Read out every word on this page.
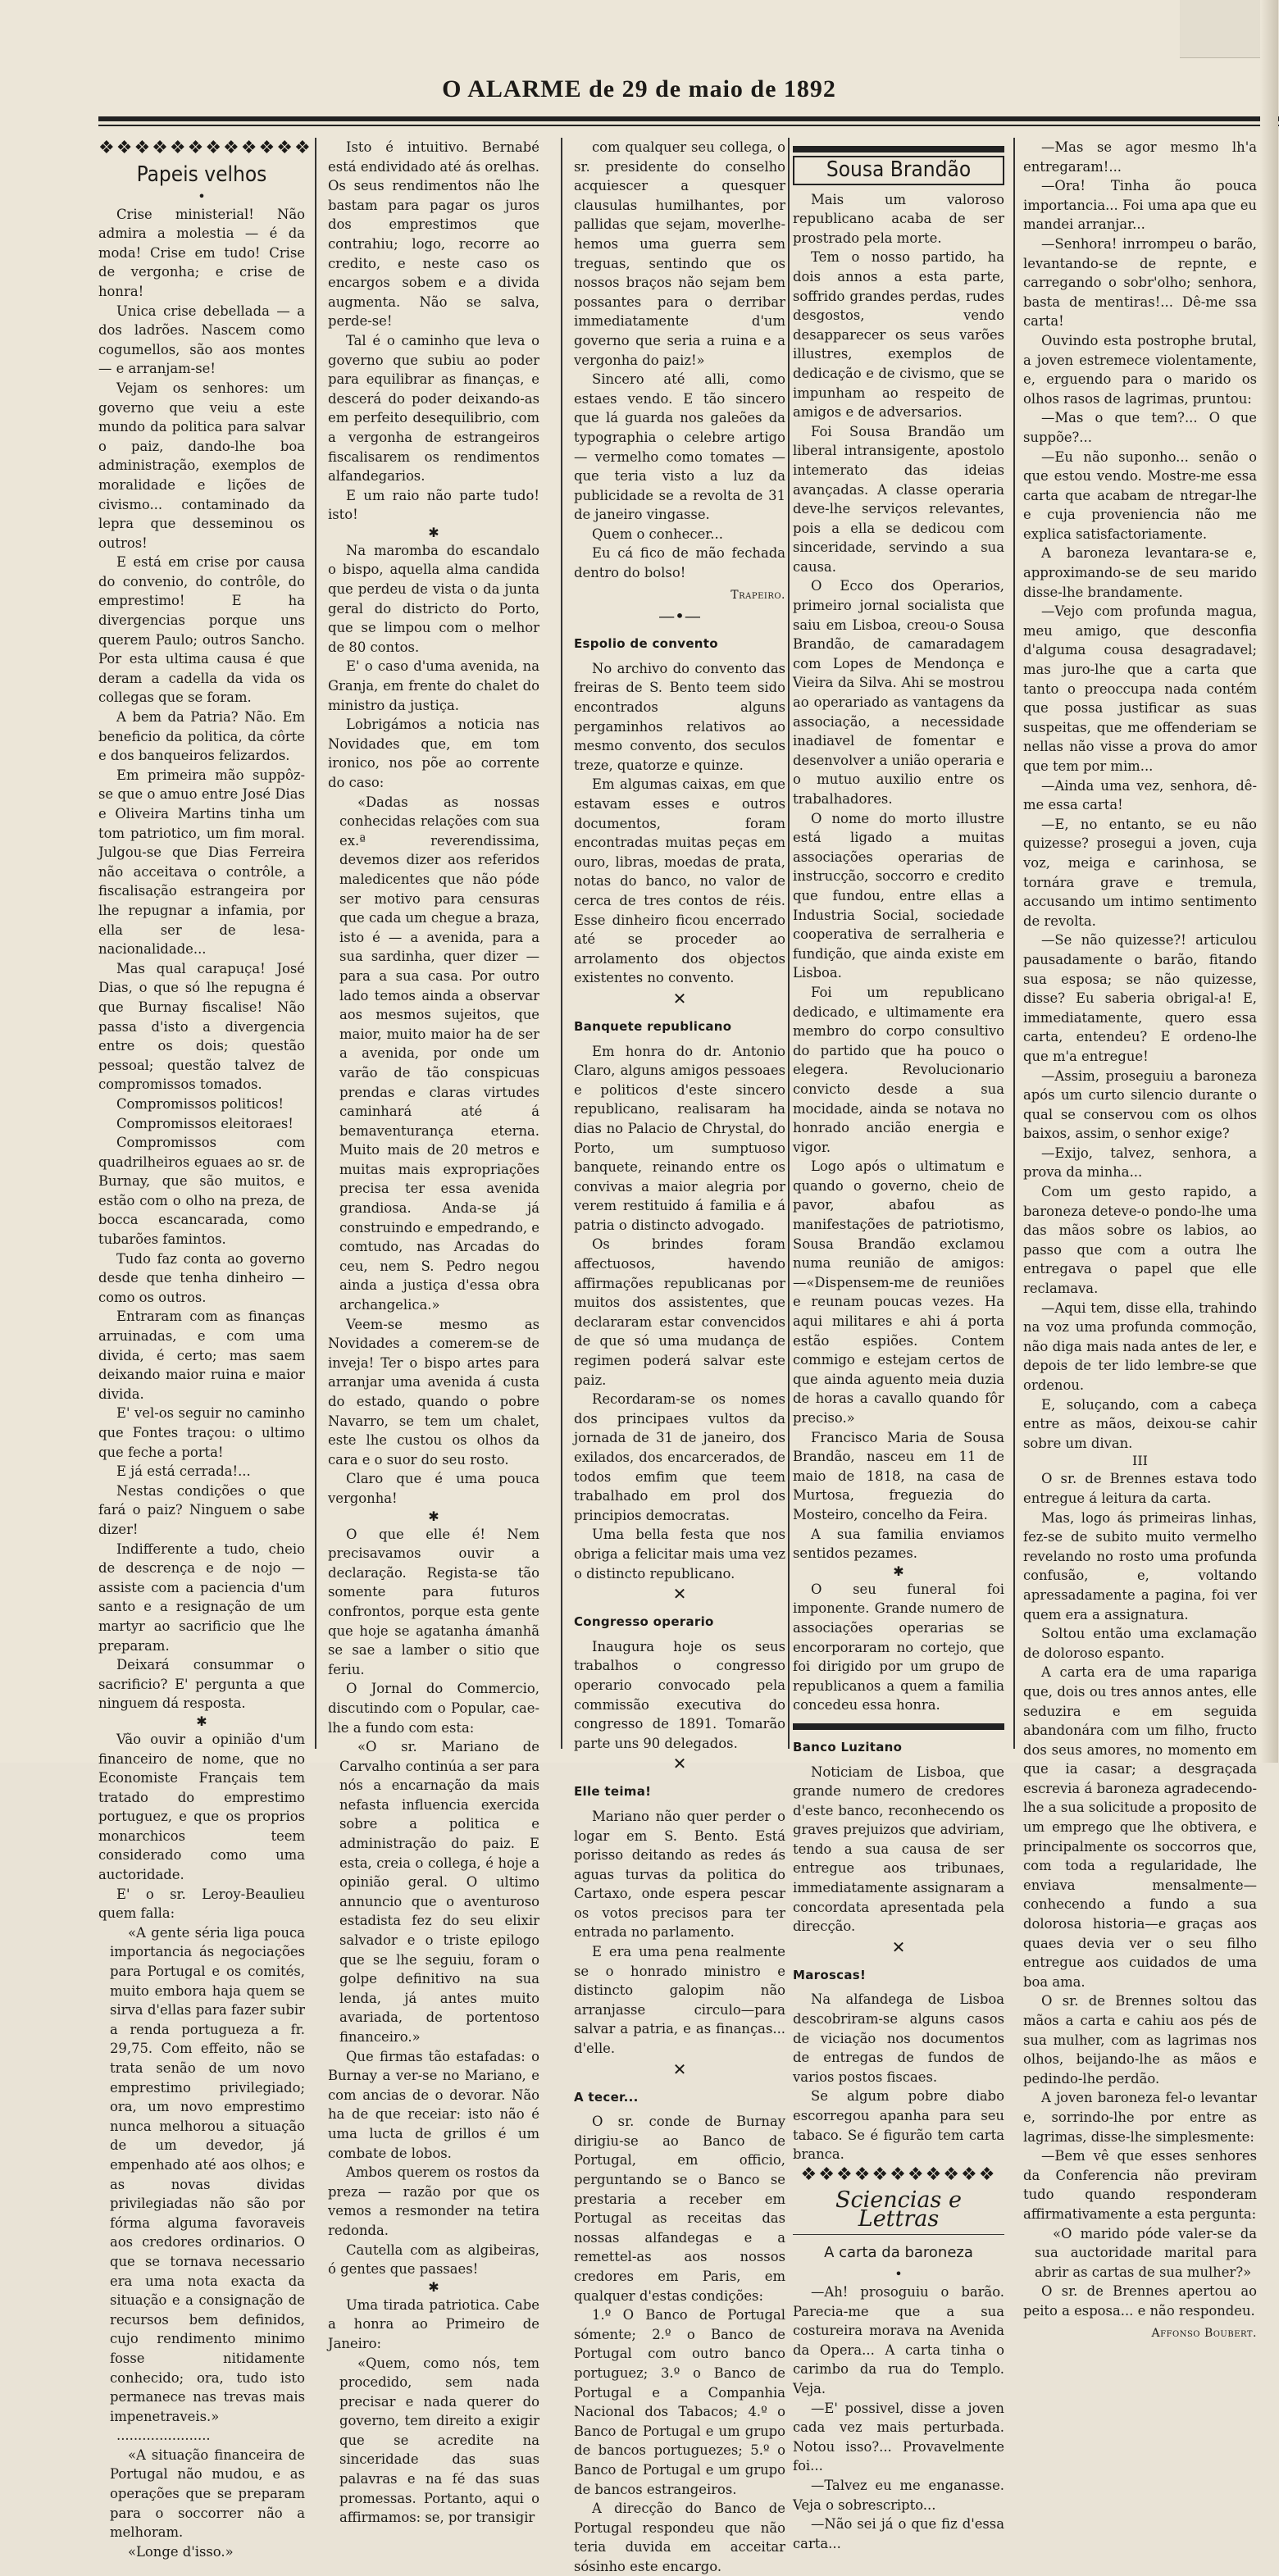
O ALARME de 29 de maio de 1892
❖❖❖❖❖❖❖❖❖❖❖❖
Papeis velhos
•

Crise ministerial! Não admira a molestia — é da moda! Crise em tudo! Crise de vergonha; e crise de honra!

Unica crise debellada — a dos ladrões. Nascem como cogumellos, são aos montes — e arranjam-se!

Vejam os senhores: um governo que veiu a este mundo da politica para salvar o paiz, dando-lhe boa administração, exemplos de moralidade e lições de civismo... contaminado da lepra que desseminou os outros!

E está em crise por causa do convenio, do contrôle, do emprestimo! E ha divergencias porque uns querem Paulo; outros Sancho. Por esta ultima causa é que deram a cadella da vida os collegas que se foram.

A bem da Patria? Não. Em beneficio da politica, da côrte e dos banqueiros felizardos.

Em primeira mão suppôz-se que o amuo entre José Dias e Oliveira Martins tinha um tom patriotico, um fim moral. Julgou-se que Dias Ferreira não acceitava o contrôle, a fiscalisação estrangeira por lhe repugnar a infamia, por ella ser de lesa-nacionalidade...

Mas qual carapuça! José Dias, o que só lhe repugna é que Burnay fiscalise! Não passa d'isto a divergencia entre os dois; questão pessoal; questão talvez de compromissos tomados.

Compromissos politicos!

Compromissos eleitoraes!

Compromissos com quadrilheiros eguaes ao sr. de Burnay, que são muitos, e estão com o olho na preza, de bocca escancarada, como tubarões famintos.

Tudo faz conta ao governo desde que tenha dinheiro — como os outros.

Entraram com as finanças arruinadas, e com uma divida, é certo; mas saem deixando maior ruina e maior divida.

E' vel-os seguir no caminho que Fontes traçou: o ultimo que feche a porta!

E já está cerrada!...

Nestas condições o que fará o paiz? Ninguem o sabe dizer!

Indifferente a tudo, cheio de descrença e de nojo — assiste com a paciencia d'um santo e a resignação de um martyr ao sacrificio que lhe preparam.

Deixará consummar o sacrificio? E' pergunta a que ninguem dá resposta.

✱

Vão ouvir a opinião d'um financeiro de nome, que no Economiste Français tem tratado do emprestimo portuguez, e que os proprios monarchicos teem considerado como uma auctoridade.

E' o sr. Leroy-Beaulieu quem falla:

«A gente séria liga pouca importancia ás negociações para Portugal e os comités, muito embora haja quem se sirva d'ellas para fazer subir a renda portugueza a fr. 29,75. Com effeito, não se trata senão de um novo emprestimo privilegiado; ora, um novo emprestimo nunca melhorou a situação de um devedor, já empenhado até aos olhos; e as novas dividas privilegiadas não são por fórma alguma favoraveis aos credores ordinarios. O que se tornava necessario era uma nota exacta da situação e a consignação de recursos bem definidos, cujo rendimento minimo fosse nitidamente conhecido; ora, tudo isto permanece nas trevas mais impenetraveis.»

......................

«A situação financeira de Portugal não mudou, e as operações que se preparam para o soccorrer não a melhoram.

«Longe d'isso.»

Isto é intuitivo. Bernabé está endividado até ás orelhas. Os seus rendimentos não lhe bastam para pagar os juros dos emprestimos que contrahiu; logo, recorre ao credito, e neste caso os encargos sobem e a divida augmenta. Não se salva, perde-se!

Tal é o caminho que leva o governo que subiu ao poder para equilibrar as finanças, e descerá do poder deixando-as em perfeito desequilibrio, com a vergonha de estrangeiros fiscalisarem os rendimentos alfandegarios.

E um raio não parte tudo! isto!

✱

Na maromba do escandalo o bispo, aquella alma candida que perdeu de vista o da junta geral do districto do Porto, que se limpou com o melhor de 80 contos.

E' o caso d'uma avenida, na Granja, em frente do chalet do ministro da justiça.

Lobrigámos a noticia nas Novidades que, em tom ironico, nos põe ao corrente do caso:

«Dadas as nossas conhecidas relações com sua ex.ª reverendissima, devemos dizer aos referidos maledicentes que não póde ser motivo para censuras que cada um chegue a braza, isto é — a avenida, para a sua sardinha, quer dizer — para a sua casa. Por outro lado temos ainda a observar aos mesmos sujeitos, que maior, muito maior ha de ser a avenida, por onde um varão de tão conspicuas prendas e claras virtudes caminhará até á bemaventurança eterna. Muito mais de 20 metros e muitas mais expropriações precisa ter essa avenida grandiosa. Anda-se já construindo e empedrando, e comtudo, nas Arcadas do ceu, nem S. Pedro negou ainda a justiça d'essa obra archangelica.»

Veem-se mesmo as Novidades a comerem-se de inveja! Ter o bispo artes para arranjar uma avenida á custa do estado, quando o pobre Navarro, se tem um chalet, este lhe custou os olhos da cara e o suor do seu rosto.

Claro que é uma pouca vergonha!

✱

O que elle é! Nem precisavamos ouvir a declaração. Regista-se tão somente para futuros confrontos, porque esta gente que hoje se agatanha ámanhã se sae a lamber o sitio que feriu.

O Jornal do Commercio, discutindo com o Popular, cae-lhe a fundo com esta:

«O sr. Mariano de Carvalho continúa a ser para nós a encarnação da mais nefasta influencia exercida sobre a politica e administração do paiz. E esta, creia o collega, é hoje a opinião geral. O ultimo annuncio que o aventuroso estadista fez do seu elixir salvador e o triste epilogo que se lhe seguiu, foram o golpe definitivo na sua lenda, já antes muito avariada, de portentoso financeiro.»

Que firmas tão estafadas: o Burnay a ver-se no Mariano, e com ancias de o devorar. Não ha de que receiar: isto não é uma lucta de grillos é um combate de lobos.

Ambos querem os rostos da preza — razão por que os vemos a resmonder na tetira redonda.

Cautella com as algibeiras, ó gentes que passaes!

✱

Uma tirada patriotica. Cabe a honra ao Primeiro de Janeiro:

«Quem, como nós, tem procedido, sem nada precisar e nada querer do governo, tem direito a exigir que se acredite na sinceridade das suas palavras e na fé das suas promessas. Portanto, aqui o affirmamos: se, por transigir

com qualquer seu collega, o sr. presidente do conselho acquiescer a quesquer clausulas humilhantes, por pallidas que sejam, moverlhe-hemos uma guerra sem treguas, sentindo que os nossos braços não sejam bem possantes para o derribar immediatamente d'um governo que seria a ruina e a vergonha do paiz!»

Sincero até alli, como estaes vendo. E tão sincero que lá guarda nos galeões da typographia o celebre artigo — vermelho como tomates — que teria visto a luz da publicidade se a revolta de 31 de janeiro vingasse.

Quem o conhecer...

Eu cá fico de mão fechada dentro do bolso!

Trapeiro.
—•—
Espolio de convento

No archivo do convento das freiras de S. Bento teem sido encontrados alguns pergaminhos relativos ao mesmo convento, dos seculos treze, quatorze e quinze.

Em algumas caixas, em que estavam esses e outros documentos, foram encontradas muitas peças em ouro, libras, moedas de prata, notas do banco, no valor de cerca de tres contos de réis. Esse dinheiro ficou encerrado até se proceder ao arrolamento dos objectos existentes no convento.

✕
Banquete republicano

Em honra do dr. Antonio Claro, alguns amigos pessoaes e politicos d'este sincero republicano, realisaram ha dias no Palacio de Chrystal, do Porto, um sumptuoso banquete, reinando entre os convivas a maior alegria por verem restituido á familia e á patria o distincto advogado.

Os brindes foram affectuosos, havendo affirmações republicanas por muitos dos assistentes, que declararam estar convencidos de que só uma mudança de regimen poderá salvar este paiz.

Recordaram-se os nomes dos principaes vultos da jornada de 31 de janeiro, dos exilados, dos encarcerados, de todos emfim que teem trabalhado em prol dos principios democratas.

Uma bella festa que nos obriga a felicitar mais uma vez o distincto republicano.

✕
Congresso operario

Inaugura hoje os seus trabalhos o congresso operario convocado pela commissão executiva do congresso de 1891. Tomarão parte uns 90 delegados.

✕
Elle teima!

Mariano não quer perder o logar em S. Bento. Está porisso deitando as redes ás aguas turvas da politica do Cartaxo, onde espera pescar os votos precisos para ter entrada no parlamento.

E era uma pena realmente se o honrado ministro e distincto galopim não arranjasse circulo—para salvar a patria, e as finanças... d'elle.

✕
A tecer...

O sr. conde de Burnay dirigiu-se ao Banco de Portugal, em officio, perguntando se o Banco se prestaria a receber em Portugal as receitas das nossas alfandegas e a remettel-as aos nossos credores em Paris, em qualquer d'estas condições:

1.º O Banco de Portugal sómente; 2.º o Banco de Portugal com outro banco portuguez; 3.º o Banco de Portugal e a Companhia Nacional dos Tabacos; 4.º o Banco de Portugal e um grupo de bancos portuguezes; 5.º o Banco de Portugal e um grupo de bancos estrangeiros.

A direcção do Banco de Portugal respondeu que não teria duvida em acceitar sósinho este encargo.

Sousa Brandão

Mais um valoroso republicano acaba de ser prostrado pela morte.

Tem o nosso partido, ha dois annos a esta parte, soffrido grandes perdas, rudes desgostos, vendo desapparecer os seus varões illustres, exemplos de dedicação e de civismo, que se impunham ao respeito de amigos e de adversarios.

Foi Sousa Brandão um liberal intransigente, apostolo intemerato das ideias avançadas. A classe operaria deve-lhe serviços relevantes, pois a ella se dedicou com sinceridade, servindo a sua causa.

O Ecco dos Operarios, primeiro jornal socialista que saiu em Lisboa, creou-o Sousa Brandão, de camaradagem com Lopes de Mendonça e Vieira da Silva. Ahi se mostrou ao operariado as vantagens da associação, a necessidade inadiavel de fomentar e desenvolver a união operaria e o mutuo auxilio entre os trabalhadores.

O nome do morto illustre está ligado a muitas associações operarias de instrucção, soccorro e credito que fundou, entre ellas a Industria Social, sociedade cooperativa de serralheria e fundição, que ainda existe em Lisboa.

Foi um republicano dedicado, e ultimamente era membro do corpo consultivo do partido que ha pouco o elegera. Revolucionario convicto desde a sua mocidade, ainda se notava no honrado ancião energia e vigor.

Logo após o ultimatum e quando o governo, cheio de pavor, abafou as manifestações de patriotismo, Sousa Brandão exclamou numa reunião de amigos: —«Dispensem-me de reuniões e reunam poucas vezes. Ha aqui militares e ahi á porta estão espiões. Contem commigo e estejam certos de que ainda aguento meia duzia de horas a cavallo quando fôr preciso.»

Francisco Maria de Sousa Brandão, nasceu em 11 de maio de 1818, na casa de Murtosa, freguezia do Mosteiro, concelho da Feira.

A sua familia enviamos sentidos pezames.

✱

O seu funeral foi imponente. Grande numero de associações operarias se encorporaram no cortejo, que foi dirigido por um grupo de republicanos a quem a familia concedeu essa honra.

Banco Luzitano

Noticiam de Lisboa, que grande numero de credores d'este banco, reconhecendo os graves prejuizos que adviriam, tendo a sua causa de ser entregue aos tribunaes, immediatamente assignaram a concordata apresentada pela direcção.

✕
Maroscas!

Na alfandega de Lisboa descobriram-se alguns casos de viciação nos documentos de entregas de fundos de varios postos fiscaes.

Se algum pobre diabo escorregou apanha para seu tabaco. Se é figurão tem carta branca.

❖❖❖❖❖❖❖❖❖❖❖
Sciencias e Lettras
A carta da baroneza
•

—Ah! prosoguiu o barão. Parecia-me que a sua costureira morava na Avenida da Opera... A carta tinha o carimbo da rua do Templo. Veja.

—E' possivel, disse a joven cada vez mais perturbada. Notou isso?... Provavelmente foi...

—Talvez eu me enganasse. Veja o sobrescripto...

—Não sei já o que fiz d'essa carta...

—Mas se agor mesmo lh'a entregaram!...

—Ora! Tinha ão pouca importancia... Foi uma apa que eu mandei arranjar...

—Senhora! inrrompeu o barão, levantando-se de repnte, e carregando o sobr'olho; senhora, basta de mentiras!... Dê-me ssa carta!

Ouvindo esta postrophe brutal, a joven estremece violentamente, e, erguendo para o marido os olhos rasos de lagrimas, pruntou:

—Mas o que tem?... O que suppõe?...

—Eu não suponho... senão o que estou vendo. Mostre-me essa carta que acabam de ntregar-lhe e cuja proveniencia não me explica satisfactoriamente.

A baroneza levantara-se e, approximando-se de seu marido disse-lhe brandamente.

—Vejo com profunda magua, meu amigo, que desconfia d'alguma cousa desagradavel; mas juro-lhe que a carta que tanto o preoccupa nada contém que possa justificar as suas suspeitas, que me offenderiam se nellas não visse a prova do amor que tem por mim...

—Ainda uma vez, senhora, dê-me essa carta!

—E, no entanto, se eu não quizesse? prosegui a joven, cuja voz, meiga e carinhosa, se tornára grave e tremula, accusando um intimo sentimento de revolta.

—Se não quizesse?! articulou pausadamente o barão, fitando sua esposa; se não quizesse, disse? Eu saberia obrigal-a! E, immediatamente, quero essa carta, entendeu? E ordeno-lhe que m'a entregue!

—Assim, proseguiu a baroneza após um curto silencio durante o qual se conservou com os olhos baixos, assim, o senhor exige?

—Exijo, talvez, senhora, a prova da minha...

Com um gesto rapido, a baroneza deteve-o pondo-lhe uma das mãos sobre os labios, ao passo que com a outra lhe entregava o papel que elle reclamava.

—Aqui tem, disse ella, trahindo na voz uma profunda commoção, não diga mais nada antes de ler, e depois de ter lido lembre-se que ordenou.

E, soluçando, com a cabeça entre as mãos, deixou-se cahir sobre um divan.

III

O sr. de Brennes estava todo entregue á leitura da carta.

Mas, logo ás primeiras linhas, fez-se de subito muito vermelho revelando no rosto uma profunda confusão, e, voltando apressadamente a pagina, foi ver quem era a assignatura.

Soltou então uma exclamação de doloroso espanto.

A carta era de uma rapariga que, dois ou tres annos antes, elle seduzira e em seguida abandonára com um filho, fructo dos seus amores, no momento em que ia casar; a desgraçada escrevia á baroneza agradecendo-lhe a sua solicitude a proposito de um emprego que lhe obtivera, e principalmente os soccorros que, com toda a regularidade, lhe enviava mensalmente—conhecendo a fundo a sua dolorosa historia—e graças aos quaes devia ver o seu filho entregue aos cuidados de uma boa ama.

O sr. de Brennes soltou das mãos a carta e cahiu aos pés de sua mulher, com as lagrimas nos olhos, beijando-lhe as mãos e pedindo-lhe perdão.

A joven baroneza fel-o levantar e, sorrindo-lhe por entre as lagrimas, disse-lhe simplesmente:

—Bem vê que esses senhores da Conferencia não previram tudo quando responderam affirmativamente a esta pergunta:

«O marido póde valer-se da sua auctoridade marital para abrir as cartas de sua mulher?»

O sr. de Brennes apertou ao peito a esposa... e não respondeu.

Affonso Boubert.
